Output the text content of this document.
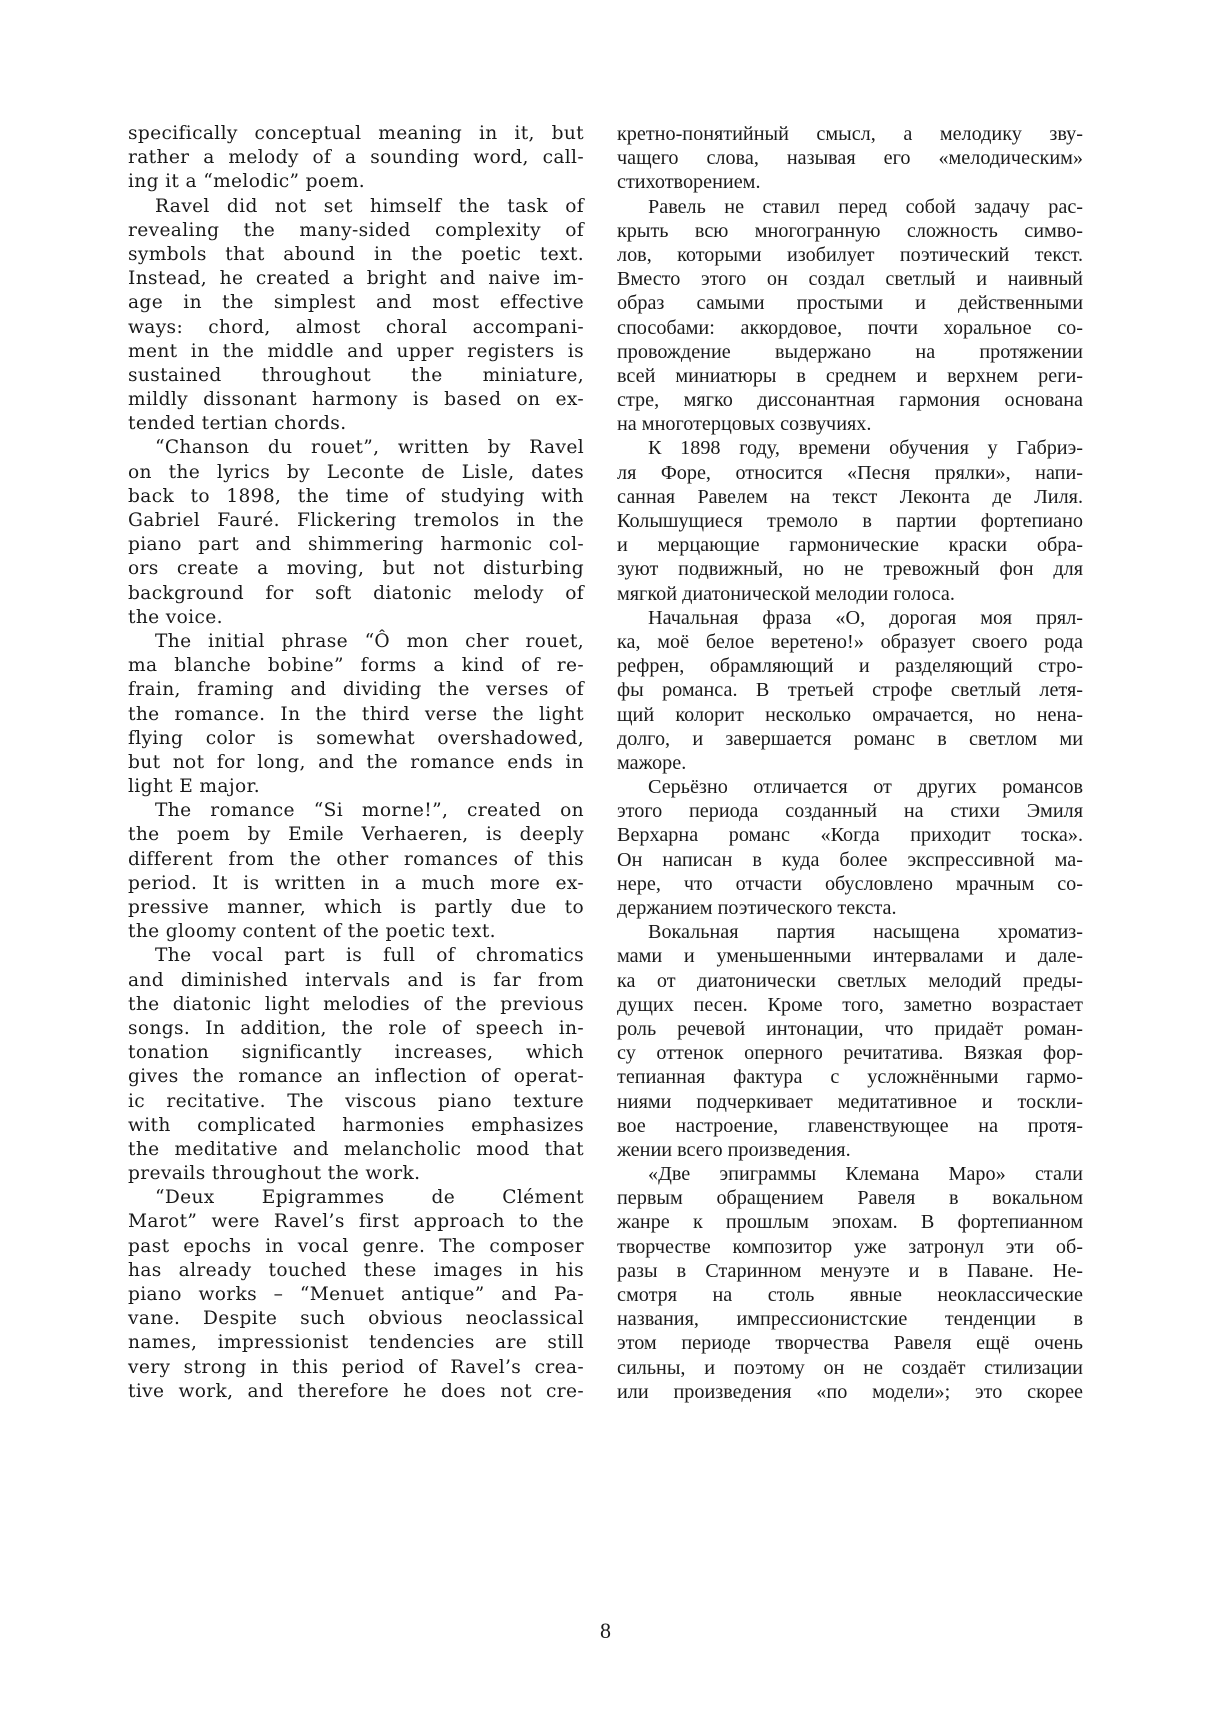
specifically conceptual meaning in it, but
rather a melody of a sounding word, call-
ing it a “melodic” poem.
Ravel did not set himself the task of
revealing the many-sided complexity of
symbols that abound in the poetic text.
Instead, he created a bright and naive im-
age in the simplest and most effective
ways: chord, almost choral accompani-
ment in the middle and upper registers is
sustained throughout the miniature,
mildly dissonant harmony is based on ex-
tended tertian chords.
“Chanson du rouet”, written by Ravel
on the lyrics by Leconte de Lisle, dates
back to 1898, the time of studying with
Gabriel Fauré. Flickering tremolos in the
piano part and shimmering harmonic col-
ors create a moving, but not disturbing
background for soft diatonic melody of
the voice.
The initial phrase “Ô mon cher rouet,
ma blanche bobine” forms a kind of re-
frain, framing and dividing the verses of
the romance. In the third verse the light
flying color is somewhat overshadowed,
but not for long, and the romance ends in
light E major.
The romance “Si morne!”, created on
the poem by Emile Verhaeren, is deeply
different from the other romances of this
period. It is written in a much more ex-
pressive manner, which is partly due to
the gloomy content of the poetic text.
The vocal part is full of chromatics
and diminished intervals and is far from
the diatonic light melodies of the previous
songs. In addition, the role of speech in-
tonation significantly increases, which
gives the romance an inflection of operat-
ic recitative. The viscous piano texture
with complicated harmonies emphasizes
the meditative and melancholic mood that
prevails throughout the work.
“Deux Epigrammes de Clément
Marot” were Ravel’s first approach to the
past epochs in vocal genre. The composer
has already touched these images in his
piano works – “Menuet antique” and Pa-
vane. Despite such obvious neoclassical
names, impressionist tendencies are still
very strong in this period of Ravel’s crea-
tive work, and therefore he does not cre-
кретно-понятийный смысл, а мелодику зву-
чащего слова, называя его «мелодическим»
стихотворением.
Равель не ставил перед собой задачу рас-
крыть всю многогранную сложность симво-
лов, которыми изобилует поэтический текст.
Вместо этого он создал светлый и наивный
образ самыми простыми и действенными
способами: аккордовое, почти хоральное со-
провождение выдержано на протяжении
всей миниатюры в среднем и верхнем реги-
стре, мягко диссонантная гармония основана
на многотерцовых созвучиях.
К 1898 году, времени обучения у Габриэ-
ля Форе, относится «Песня прялки», напи-
санная Равелем на текст Леконта де Лиля.
Колышущиеся тремоло в партии фортепиано
и мерцающие гармонические краски обра-
зуют подвижный, но не тревожный фон для
мягкой диатонической мелодии голоса.
Начальная фраза «О, дорогая моя прял-
ка, моё белое веретено!» образует своего рода
рефрен, обрамляющий и разделяющий стро-
фы романса. В третьей строфе светлый летя-
щий колорит несколько омрачается, но нена-
долго, и завершается романс в светлом ми
мажоре.
Серьёзно отличается от других романсов
этого периода созданный на стихи Эмиля
Верхарна романс «Когда приходит тоска».
Он написан в куда более экспрессивной ма-
нере, что отчасти обусловлено мрачным со-
держанием поэтического текста.
Вокальная партия насыщена хроматиз-
мами и уменьшенными интервалами и дале-
ка от диатонически светлых мелодий преды-
дущих песен. Кроме того, заметно возрастает
роль речевой интонации, что придаёт роман-
су оттенок оперного речитатива. Вязкая фор-
тепианная фактура с усложнёнными гармо-
ниями подчеркивает медитативное и тоскли-
вое настроение, главенствующее на протя-
жении всего произведения.
«Две эпиграммы Клемана Маро» стали
первым обращением Равеля в вокальном
жанре к прошлым эпохам. В фортепианном
творчестве композитор уже затронул эти об-
разы в Старинном менуэте и в Паване. Не-
смотря на столь явные неоклассические
названия, импрессионистские тенденции в
этом периоде творчества Равеля ещё очень
сильны, и поэтому он не создаёт стилизации
или произведения «по модели»; это скорее
8
